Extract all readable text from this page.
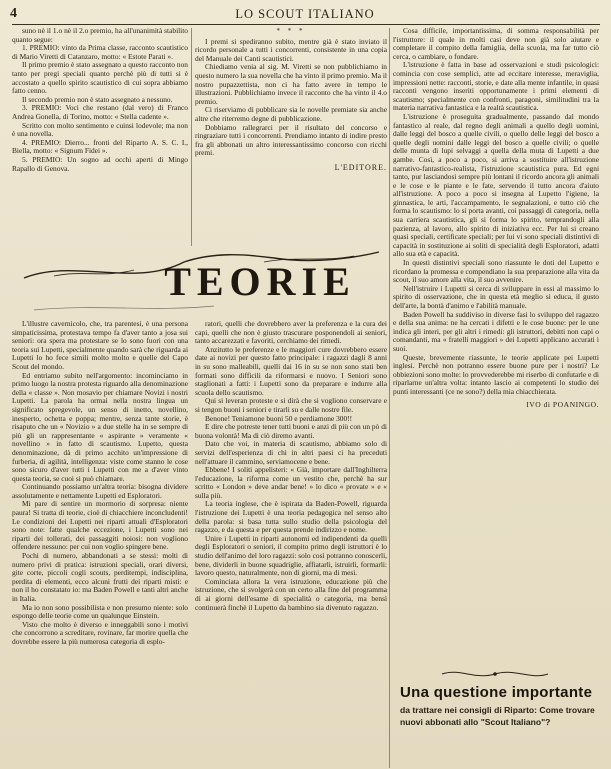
4	LO SCOUT ITALIANO

suno nè il 1.o nè il 2.o premio, ha all'unanimità stabilito quanto segue:

1. PREMIO: vinto da Prima classe, racconto scautistico di Mario Viretti di Catanzaro, motto: « Estote Parati ».

Il primo premio è stato assegnato a questo racconto non tanto per pregi speciali quanto perchè più di tutti si è accostato a quello spirito scautistico di cui sopra abbiamo fatto cenno.

Il secondo premio non è stato assegnato a nessuno.

3. PREMIO: Voci che restano (dal vero) di Franco Andrea Gonella, di Torino, motto: « Stella cadente ».

Scritto con molto sentimento e cuinsi lodevole; ma non è una novella.

4. PREMIO: Dierro... fronti del Riparto A. S. C. I., Biella, motto: « Signum Fidei ».

5. PREMIO: Un sogno ad occhi aperti di Mingo Rapallo di Genova.

* * *

I premi si spediranno subito, mentre già è stato inviato il ricordo personale a tutti i concorrenti, consistente in una copia del Manuale dei Canti scautistici.

Chiediamo venia al sig. M. Viretti se non pubblichiamo in questo numero la sua novella che ha vinto il primo premio. Ma il nostro pupazzettista, non ci ha fatto avere in tempo le illustrazioni. Pubblichiamo invece il racconto che ha vinto il 4.o premio.

Ci riserviamo di pubblicare sia le novelle premiate sia anche altre che riterremo degne di pubblicazione.

Dobbiamo rallegrarci per il risultato del concorso e ringraziare tutti i concorrenti. Prendiamo intanto di indire presto fra gli abbonati un altro interessantissimo concorso con ricchi premi.

L'EDITORE.
TEORIE

L'illustre cavernicolo, che, tra parentesi, è una persona simpaticissima, protestava tempo fa d'aver tanto a josa sui seniori: ora spera ma protestare se lo sono fuori con una teoria sui Lupetti, specialmente quando sarà che riguarda ai Lupetti lo ho fece simili molto molto e quelle del Capo Scout del mondo.

Ed entriamo subito nell'argomento: incominciamo in primo luogo la nostra protesta riguardo alla denominazione della « classe ». Non mosavio per chiamare Novizi i nostri Lupetti. La parola ha ormai nella nostra lingua un significato spregevole, un senso di inetto, novellino, inesperto, ochetta e poppa; mentre, senza tante storie, è risaputo che un « Novizio » a due stelle ha in se sempre di più gli un rappresentante « aspirante » veramente « novellino » in fatto di scautismo. Lupetto, questa denominazione, dà di primo acchito un'impressione di furberia, di agilità, intelligenza: viste come stanno le cose sono sicuro d'aver tutti i Lupetti con me a d'aver vinto questa teoria, se cuoi si può chiamare.

Continuando possiamo un'altra teoria: bisogna dividere assolutamente e nettamente Lupetti ed Esploratori.

Mi pare di sentire un mormorio di sorpresa: niente paura! Si tratta di teorie, cioè di chiacchiere inconcludenti! Le condizioni dei Lupetti nei riparti attuali d'Esploratori sono note: fatte qualche eccezione, i Lupetti sono nei riparti dei tollerati, dei passaggiti noiosi: non vogliono offendere nessuno: per cui non voglio spingere bene.

Pochi di numero, abbandonati a se stessi: molti di numero privi di pratica: istruzioni speciali, orari diversi, gite corte, piccoli cogli scouts, perditempi, indisciplina, perdita di elementi, ecco alcuni frutti dei riparti misti: e non il ho constatato io: ma Baden Powell e tanti altri anche in Italia.

Ma io non sono possibilista e non presumo niente: solo espongo delle teorie come un qualunque Einstein.

Visto che molto è diverso e inneggabili sono i motivi che concorrono a screditare, rovinare, far morire quella che dovrebbe essere la più numerosa categoria di esplo-

ratori, quelli che dovrebbero aver la preferenza e la cura dei capi, quelli che non è giusto trascurare posponendoli ai seniori, tanto accarezzati e favoriti, cerchiamo dei rimedi.

Anzitutto le preferenze e le maggiori cure dovrebbero essere date ai novizi per questo fatto principale: i ragazzi dagli 8 anni in su sono malleabili, quelli dai 16 in su se non sono stati ben formati sono difficili da riformarsi e nuovo. I Seniori sono staglionati a fatti: i Lupetti sono da preparare e indurre alla scuola dello scautismo.

Qui si leveran proteste e si dirà che si vogliono conservare e si tengon buoni i seniori e tirarli su e dalle nostre file.

Benone! Teniamone buoni 50 e perdiamone 300!!

E dire che potreste tener tutti buoni e anzi di più con un pò di buona volontà! Ma di ciò diremo avanti.

Dato che voi, in materia di scautismo, abbiamo solo di servizi dell'esperienza di chi in altri paesi ci ha preceduti nell'attuare il cammino, serviamocene e bene.

Ebbene! I soliti appelisteri: « Già, importare dall'Inghilterra l'educazione, la riforma come un vestito che, perchè ha sur scritto « London » deve andar bene! » lo dico « provate » e « sulla più.

La teoria inglese, che è ispirata da Baden-Powell, riguarda l'istruzione dei Lupetti è una teoria pedagogica nel senso alto della parola: si basa tutta sullo studio della psicologia del ragazzo, e da questa e per questa prende indirizzo e nome.

Unire i Lupetti in riparti autonomi ed indipendenti da quelli degli Esploratori o seniori, il compito primo degli istruttori è lo studio dell'animo del loro ragazzi: solo così potranno conoscerli, bene, dividerli in buone squadriglie, affiatarli, istruirli, formarli: lavoro questo, naturalmente, non di giorni, ma di mesi.

Cominciata allora la vera istruzione, educazione più che istruzione, che si svolgerà con un certo alla fine del programma di ai giorni dell'esame di specialità o categoria, ma bensì continuerà finchè il Lupetto da bambino sia divenuto ragazzo.

Cosa difficile, importantissima, di somma responsabilità per l'istruttore: il quale in molti casi deve non già solo aiutare e completare il compito della famiglia, della scuola, ma far tutto ciò cerca, o cambiare, o fondare.

L'istruzione è fatta in base ad osservazioni e studi psicologici: comincia con cose semplici, atte ad eccitare interesse, meraviglia, impressioni nette: racconti, storie, e date alla mente infantile, in quasi racconti vengono inseriti opportunamente i primi elementi di scautismo; specialmente con confronti, paragoni, similitudini tra la materia narrativa fantastica e la realtà scautistica.

L'istruzione è proseguita gradualmente, passando dal mondo fantastico al reale, dal regno degli animali a quello degli uomini, dalle leggi del bosco a quelle civili, o quello delle leggi del bosco a quelle degli uomini dalle leggi del bosco a quelle civili; o quelle delle munta di lupi selvaggi a quella della muta di Lupetti a due gambe. Così, a poco a poco, si arriva a sostituire all'istruzione narrativo-fantastico-realista, l'istruzione scautistica pura. Ed egni tanto, pur lasciandosi sempre più lontani il ricordo ancora gli animali e le cose e le piante e le fate, servendo il tutto ancora d'aiuto all'istruzione. A poco a poco si insegna al Lupetto l'igiene, la ginnastica, le arti, l'accampamento, le segnalazioni, e tutto ciò che forma lo scautismo: lo si porta avanti, coi passaggi di categoria, nella sua carriera scautistica, gli si forma lo spirito, temprandogli alla pazienza, al lavoro, allo spirito di iniziativa ecc. Per lui si creano quasi speciali, certificate speciali; per lui vi sono speciali distintivi di capacità in sostituzione ai soliti di specialità degli Esploratori, adatti allo sua età e capacità.

In questi distintivi speciali sono riassunte le doti del Lupetto e ricordano la promessa e compendiano la sua preparazione alla vita da scout, il suo amore alla vita, il suo avvenire.

Nell'istruire i Lupetti si cerca di sviluppare in essi al massimo lo spirito di osservazione, che in questa età meglio si educa, il gusto dell'arte, la bontà d'animo e l'abilità manuale.

Baden Powell ha suddiviso in diverse fasi lo sviluppo del ragazzo e della sua anima: ne ha cercati i difetti e le cose buone: per le une indica gli interi, per gli altri i rimedi: gli istruttori, debitti non capi o comandanti, ma « fratelli maggiori » dei Lupetti applicano accurati i suoi.

Queste, brevemente riassunte, le teorie applicate pei Lupetti inglesi. Perchè non potranno essere buone pure per i nostri? Le obbiezioni sono molte: lo provvederebbe mi riserbo di confutarle e di riparlarne un'altra volta: intanto lascio ai competenti lo studio dei punti interessanti (ce ne sono?) della mia chiacchierata.

IVO di POANINGO.
Una questione importante
da trattare nei consigli di Riparto: Come trovare nuovi abbonati allo "Scout Italiano"?
